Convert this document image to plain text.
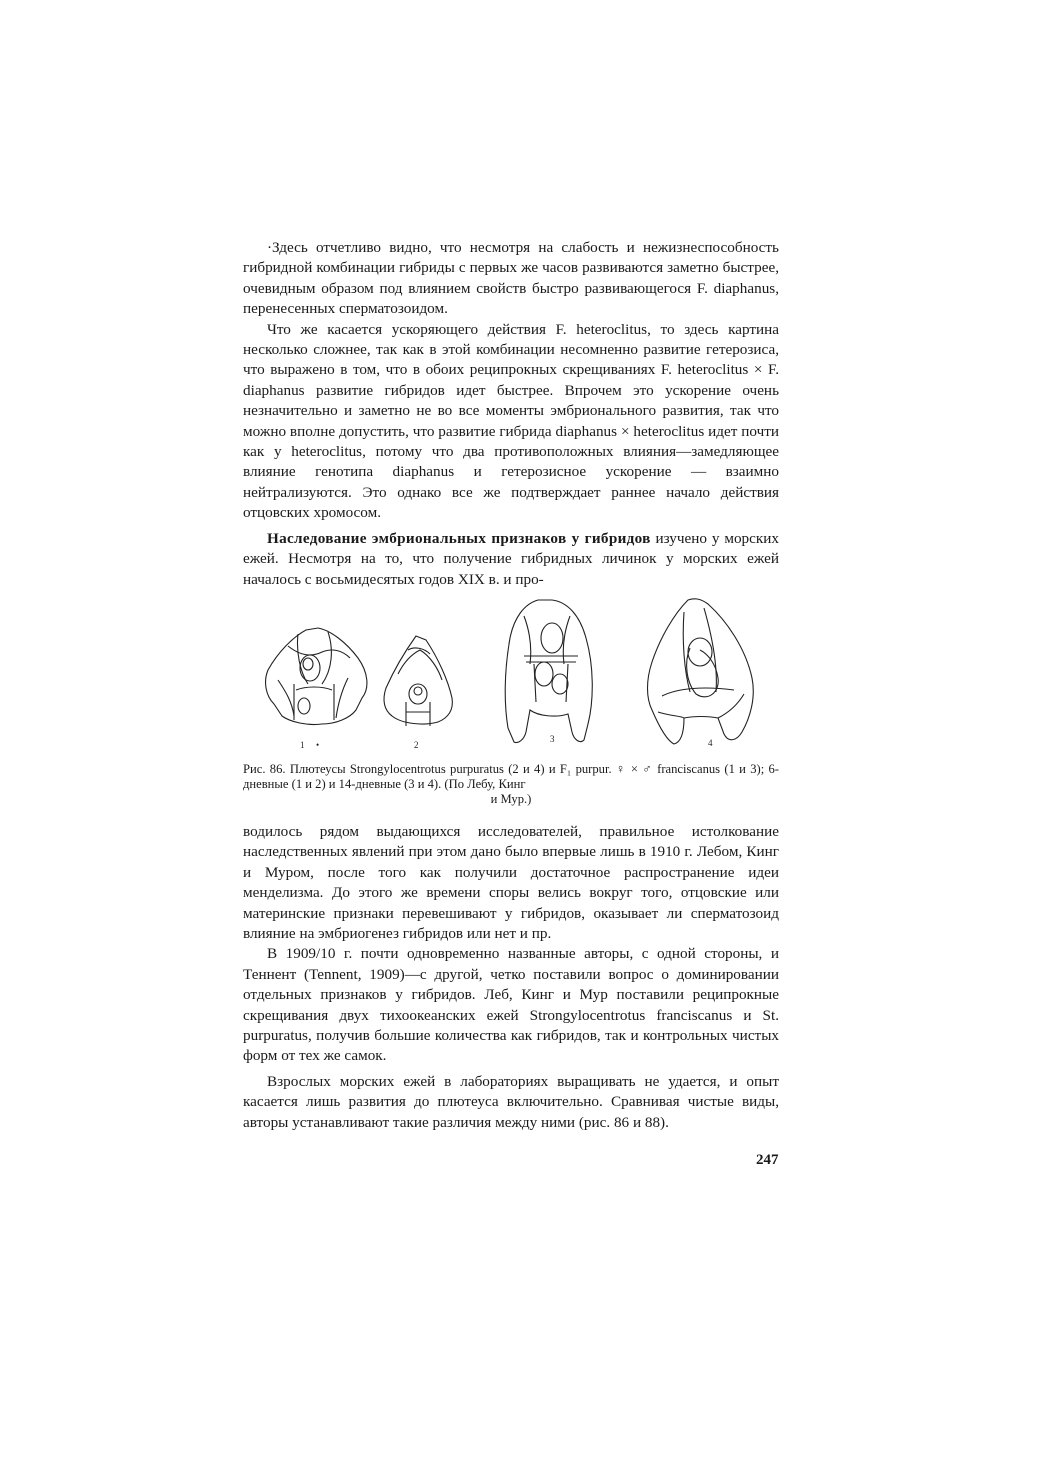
·Здесь отчетливо видно, что несмотря на слабость и нежизнеспособность гибридной комбинации гибриды с первых же часов развиваются заметно быстрее, очевидным образом под влиянием свойств быстро развивающегося F. diaphanus, перенесенных сперматозоидом.

Что же касается ускоряющего действия F. heteroclitus, то здесь картина несколько сложнее, так как в этой комбинации несомненно развитие гетерозиса, что выражено в том, что в обоих реципрокных скрещиваниях F. heteroclitus × F. diaphanus развитие гибридов идет быстрее. Впрочем это ускорение очень незначительно и заметно не во все моменты эмбрионального развития, так что можно вполне допустить, что развитие гибрида diaphanus × heteroclitus идет почти как у heteroclitus, потому что два противоположных влияния—замедляющее влияние генотипа diaphanus и гетерозисное ускорение — взаимно нейтрализуются. Это однако все же подтверждает раннее начало действия отцовских хромосом.

Наследование эмбриональных признаков у гибридов изучено у морских ежей. Несмотря на то, что получение гибридных личинок у морских ежей началось с восьмидесятых годов XIX в. и про-

1 •	2
3	4

Рис. 86. Плютеусы Strongylocentrotus purpuratus (2 и 4) и F₁ purpur. ♀ × ♂ franciscanus (1 и 3); 6-дневные (1 и 2) и 14-дневные (3 и 4). (По Лебу, Кинг

и Мур.)

водилось рядом выдающихся исследователей, правильное истолкование наследственных явлений при этом дано было впервые лишь в 1910 г. Лебом, Кинг и Муром, после того как получили достаточное распространение идеи менделизма. До этого же времени споры велись вокруг того, отцовские или материнские признаки перевешивают у гибридов, оказывает ли сперматозоид влияние на эмбриогенез гибридов или нет и пр.

В 1909/10 г. почти одновременно названные авторы, с одной стороны, и Теннент (Tennent, 1909)—с другой, четко поставили вопрос о доминировании отдельных признаков у гибридов. Леб, Кинг и Мур поставили реципрокные скрещивания двух тихоокеанских ежей Strongylocentrotus franciscanus и St. purpuratus, получив большие количества как гибридов, так и контрольных чистых форм от тех же самок.

Взрослых морских ежей в лабораториях выращивать не удается, и опыт касается лишь развития до плютеуса включительно. Сравнивая чистые виды, авторы устанавливают такие различия между ними (рис. 86 и 88).

247
